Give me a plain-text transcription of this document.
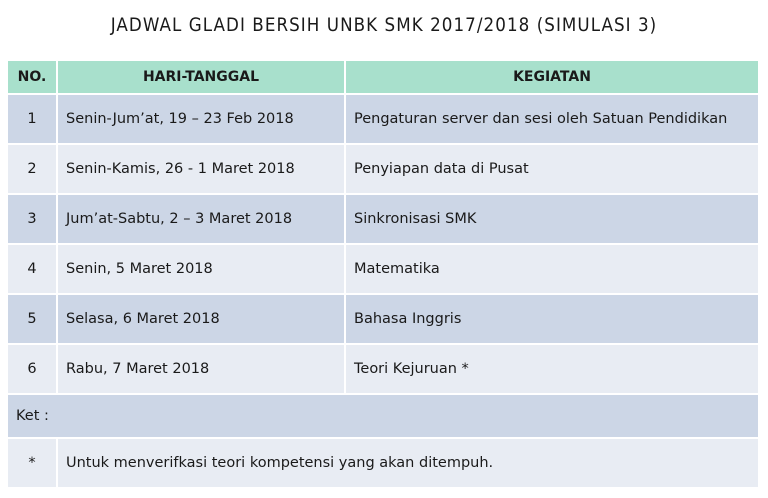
JADWAL GLADI BERSIH UNBK SMK 2017/2018 (SIMULASI 3)
NO.	HARI-TANGGAL	KEGIATAN
1	Senin-Jum’at, 19 – 23 Feb 2018	Pengaturan server dan sesi oleh Satuan Pendidikan
2	Senin-Kamis, 26 - 1 Maret 2018	Penyiapan data di Pusat
3	Jum’at-Sabtu, 2 – 3 Maret 2018	Sinkronisasi SMK
4	Senin, 5 Maret 2018	Matematika
5	Selasa, 6 Maret 2018	Bahasa Inggris
6	Rabu, 7 Maret 2018	Teori Kejuruan *
Ket :		
*	Untuk menverifkasi teori kompetensi yang akan ditempuh.	
